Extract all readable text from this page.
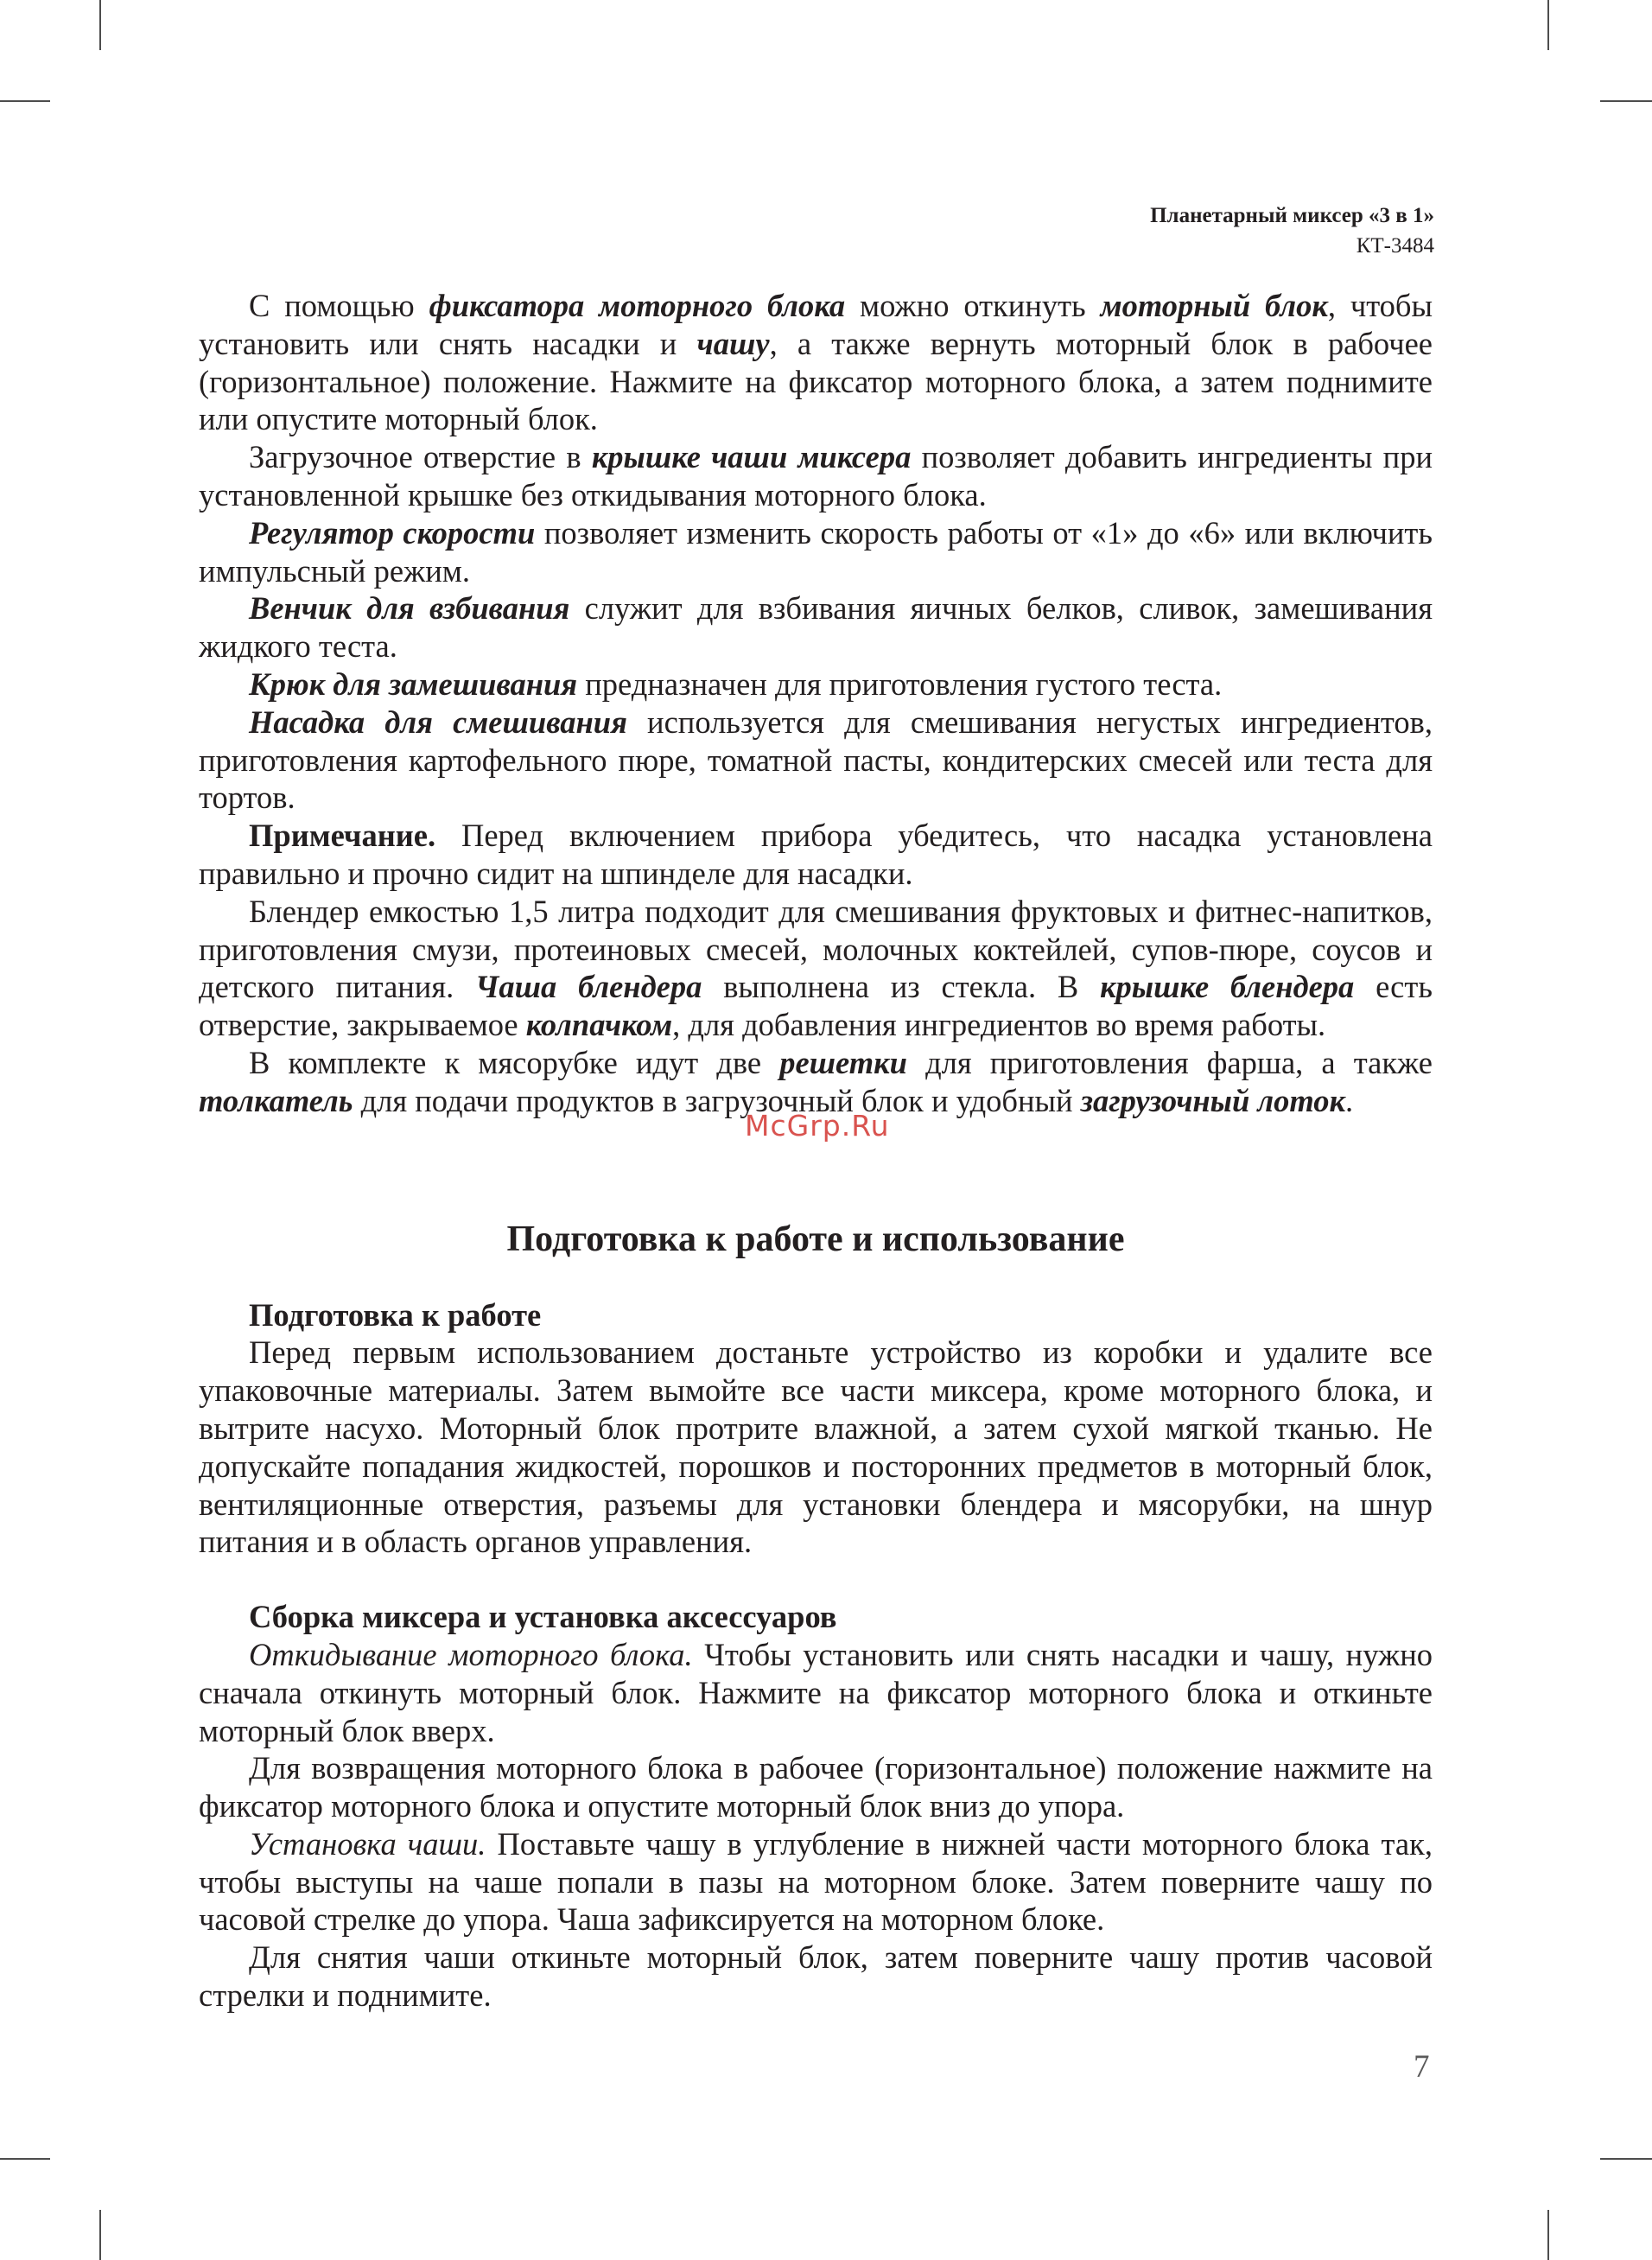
Планетарный миксер «3 в 1»
КТ-3484

С помощью фиксатора моторного блока можно откинуть моторный блок, чтобы установить или снять насадки и чашу, а также вернуть моторный блок в рабочее (горизонтальное) положение. Нажмите на фиксатор моторного блока, а затем поднимите или опустите моторный блок.

Загрузочное отверстие в крышке чаши миксера позволяет добавить ингредиенты при установленной крышке без откидывания моторного блока.

Регулятор скорости позволяет изменить скорость работы от «1» до «6» или включить импульсный режим.

Венчик для взбивания служит для взбивания яичных белков, сливок, замешивания жидкого теста.

Крюк для замешивания предназначен для приготовления густого теста.

Насадка для смешивания используется для смешивания негустых ингредиентов, приготовления картофельного пюре, томатной пасты, кондитерских смесей или теста для тортов.

Примечание. Перед включением прибора убедитесь, что насадка установлена правильно и прочно сидит на шпинделе для насадки.

Блендер емкостью 1,5 литра подходит для смешивания фруктовых и фитнес-напитков, приготовления смузи, протеиновых смесей, молочных коктейлей, супов-пюре, соусов и детского питания. Чаша блендера выполнена из стекла. В крышке блендера есть отверстие, закрываемое колпачком, для добавления ингредиентов во время работы.

В комплекте к мясорубке идут две решетки для приготовления фарша, а также толкатель для подачи продуктов в загрузочный блок и удобный загрузочный лоток.

Подготовка к работе и использование
Подготовка к работе

Перед первым использованием достаньте устройство из коробки и удалите все упаковочные материалы. Затем вымойте все части миксера, кроме моторного блока, и вытрите насухо. Моторный блок протрите влажной, а затем сухой мягкой тканью. Не допускайте попадания жидкостей, порошков и посторонних предметов в моторный блок, вентиляционные отверстия, разъемы для установки блендера и мясорубки, на шнур питания и в область органов управления.

Сборка миксера и установка аксессуаров

Откидывание моторного блока. Чтобы установить или снять насадки и чашу, нужно сначала откинуть моторный блок. Нажмите на фиксатор моторного блока и откиньте моторный блок вверх.

Для возвращения моторного блока в рабочее (горизонтальное) положение нажмите на фиксатор моторного блока и опустите моторный блок вниз до упора.

Установка чаши. Поставьте чашу в углубление в нижней части моторного блока так, чтобы выступы на чаше попали в пазы на моторном блоке. Затем поверните чашу по часовой стрелке до упора. Чаша зафиксируется на моторном блоке.

Для снятия чаши откиньте моторный блок, затем поверните чашу против часовой стрелки и поднимите.

McGrp.Ru
7
